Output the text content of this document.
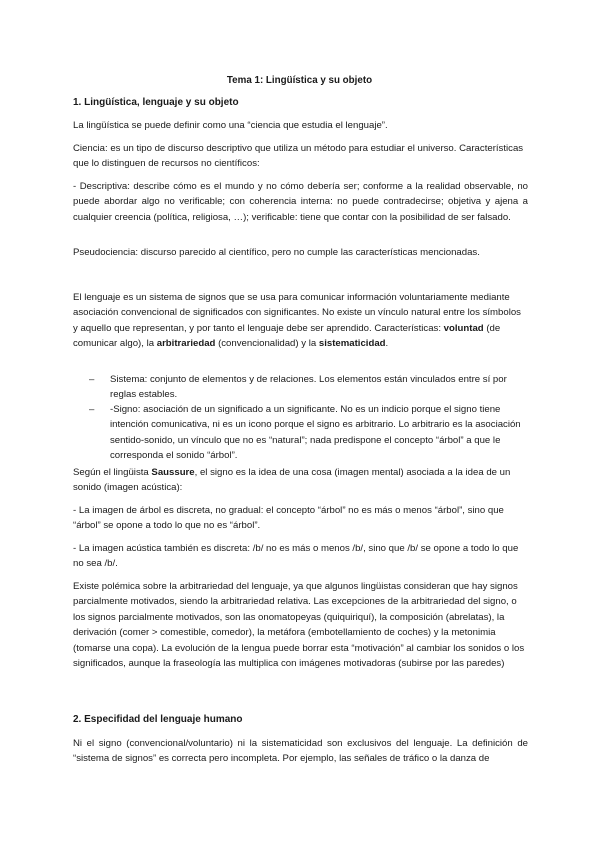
Tema 1: Lingüística y su objeto

1. Lingüística, lenguaje y su objeto

La lingüística se puede definir como una “ciencia que estudia el lenguaje”.

Ciencia: es un tipo de discurso descriptivo que utiliza un método para estudiar el universo. Características que lo distinguen de recursos no científicos:

- Descriptiva: describe cómo es el mundo y no cómo debería ser; conforme a la realidad observable, no puede abordar algo no verificable; con coherencia interna: no puede contradecirse; objetiva y ajena a cualquier creencia (política, religiosa, …); verificable: tiene que contar con la posibilidad de ser falsado.

Pseudociencia: discurso parecido al científico, pero no cumple las características mencionadas.

El lenguaje es un sistema de signos que se usa para comunicar información voluntariamente mediante asociación convencional de significados con significantes. No existe un vínculo natural entre los símbolos y aquello que representan, y por tanto el lenguaje debe ser aprendido. Características: voluntad (de comunicar algo), la arbitrariedad (convencionalidad) y la sistematicidad.

– Sistema: conjunto de elementos y de relaciones. Los elementos están vinculados entre sí por reglas estables.

– -Signo: asociación de un significado a un significante. No es un indicio porque el signo tiene intención comunicativa, ni es un icono porque el signo es arbitrario. Lo arbitrario es la asociación sentido-sonido, un vínculo que no es “natural”; nada predispone el concepto “árbol” a que le corresponda el sonido “árbol”.

Según el lingüista Saussure, el signo es la idea de una cosa (imagen mental) asociada a la idea de un sonido (imagen acústica):

- La imagen de árbol es discreta, no gradual: el concepto “árbol” no es más o menos “árbol”, sino que “árbol” se opone a todo lo que no es “árbol”.

- La imagen acústica también es discreta: /b/ no es más o menos /b/, sino que /b/ se opone a todo lo que no sea /b/.

Existe polémica sobre la arbitrariedad del lenguaje, ya que algunos lingüistas consideran que hay signos parcialmente motivados, siendo la arbitrariedad relativa. Las excepciones de la arbitrariedad del signo, o los signos parcialmente motivados, son las onomatopeyas (quiquiriquí), la composición (abrelatas), la derivación (comer > comestible, comedor), la metáfora (embotellamiento de coches) y la metonimia (tomarse una copa). La evolución de la lengua puede borrar esta “motivación” al cambiar los sonidos o los significados, aunque la fraseología las multiplica con imágenes motivadoras (subirse por las paredes)

2. Especifidad del lenguaje humano

Ni el signo (convencional/voluntario) ni la sistematicidad son exclusivos del lenguaje. La definición de “sistema de signos” es correcta pero incompleta. Por ejemplo, las señales de tráfico o la danza de
